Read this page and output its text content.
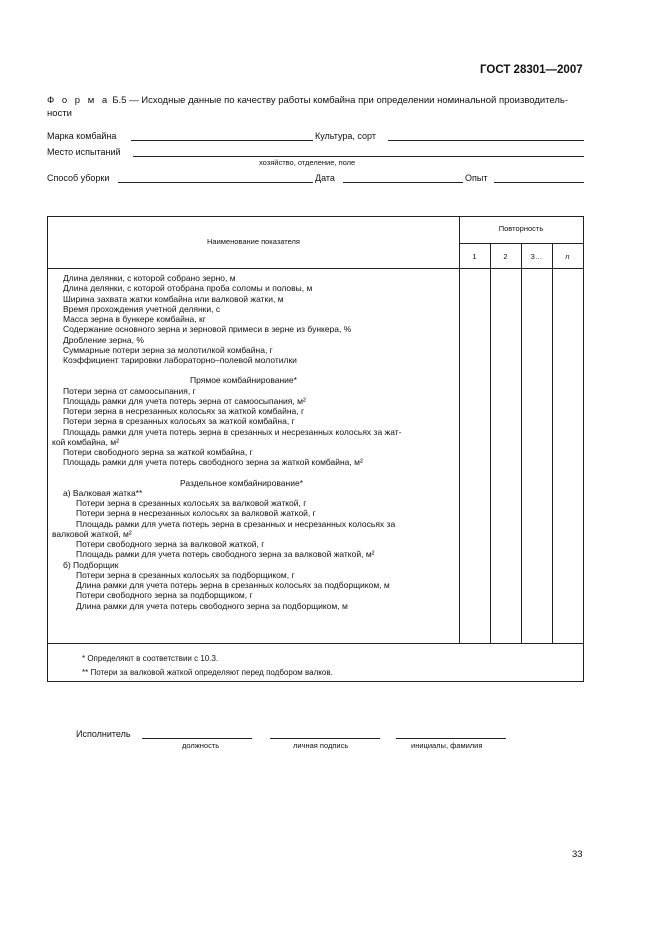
ГОСТ 28301—2007
Ф о р м а Б.5 — Исходные данные по качеству работы комбайна при определении номинальной производитель-
ности
Марка комбайна	Культура, сорт
Место испытаний
хозяйство, отделение, поле
Способ уборки	Дата	Опыт
Наименование показателя
Повторность
1	2	3…	n
Длина делянки, с которой собрано зерно, м
Длина делянки, с которой отобрана проба соломы и половы, м
Ширина захвата жатки комбайна или валковой жатки, м
Время прохождения учетной делянки, с
Масса зерна в бункере комбайна, кг
Содержание основного зерна и зерновой примеси в зерне из бункера, %
Дробление зерна, %
Суммарные потери зерна за молотилкой комбайна, г
Коэффициент тарировки лабораторно–полевой молотилки
Прямое комбайнирование*
Потери зерна от самоосыпания, г
Площадь рамки для учета потерь зерна от самоосыпания, м²
Потери зерна в несрезанных колосьях за жаткой комбайна, г
Потери зерна в срезанных колосьях за жаткой комбайна, г
Площадь рамки для учета потерь зерна в срезанных и несрезанных колосьях за жат-
кой комбайна, м²
Потери свободного зерна за жаткой комбайна, г
Площадь рамки для учета потерь свободного зерна за жаткой комбайна, м²
Раздельное комбайнирование*
а) Валковая жатка**
Потери зерна в срезанных колосьях за валковой жаткой, г
Потери зерна в несрезанных колосьях за валковой жаткой, г
Площадь рамки для учета потерь зерна в срезанных и несрезанных колосьях за
валковой жаткой, м²
Потери свободного зерна за валковой жаткой, г
Площадь рамки для учета потерь свободного зерна за валковой жаткой, м²
б) Подборщик
Потери зерна в срезанных колосьях за подборщиком, г
Длина рамки для учета потерь зерна в срезанных колосьях за подборщиком, м
Потери свободного зерна за подборщиком, г
Длина рамки для учета потерь свободного зерна за подборщиком, м
* Определяют в соответствии с 10.3.
** Потери за валковой жаткой определяют перед подбором валков.
Исполнитель
должность	личная подпись	инициалы, фамилия
33
